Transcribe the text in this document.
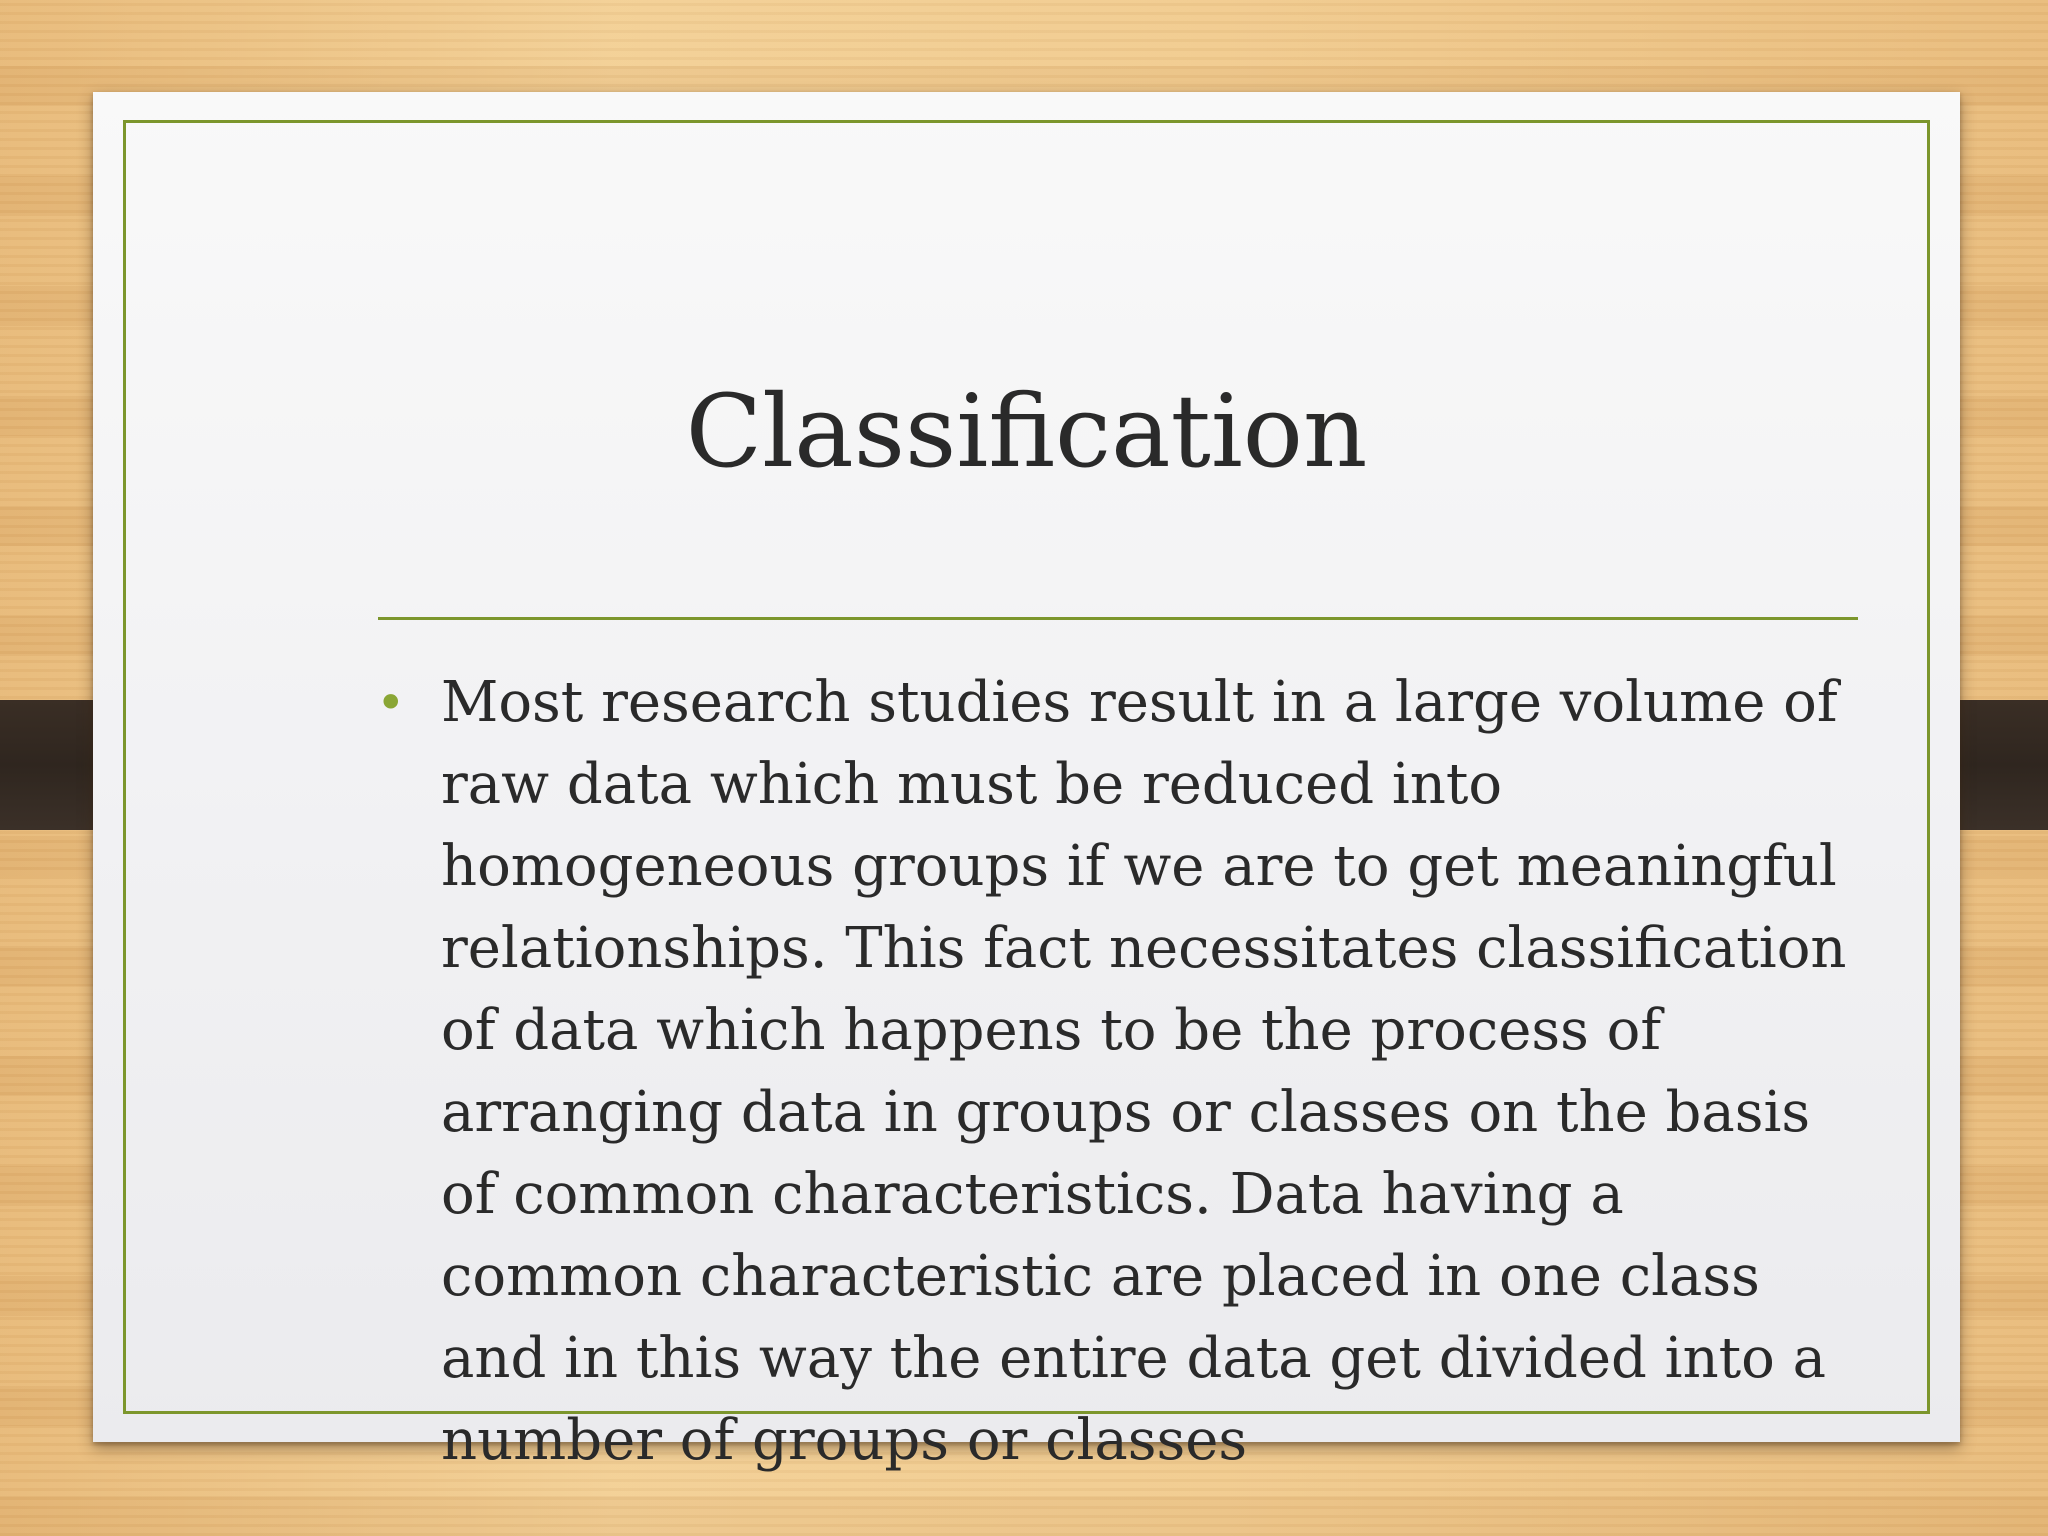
Classification
• Most research studies result in a large volume of raw data which must be reduced into homogeneous groups if we are to get meaningful relationships. This fact necessitates classification of data which happens to be the process of arranging data in groups or classes on the basis of common characteristics. Data having a common characteristic are placed in one class and in this way the entire data get divided into a number of groups or classes
